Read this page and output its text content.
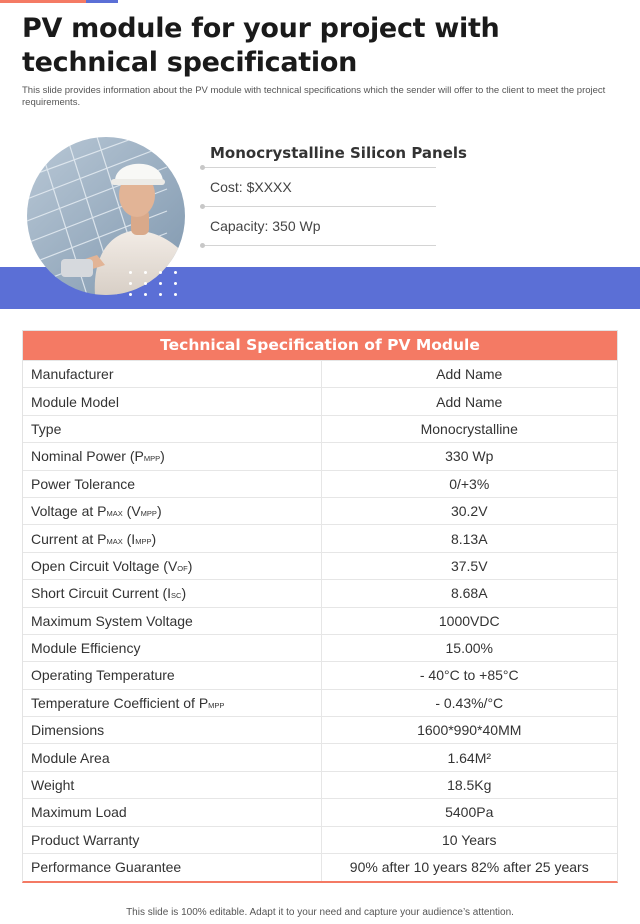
PV module for your project with technical specification

This slide provides information about the PV module with technical specifications which the sender will offer to the client to meet the project requirements.

Monocrystalline Silicon Panels
Cost: $XXXX
Capacity: 350 Wp
Technical Specification of PV Module
Manufacturer	Add Name
Module Model	Add Name
Type	Monocrystalline
Nominal Power (PMPP)	330 Wp
Power Tolerance	0/+3%
Voltage at PMAX (VMPP)	30.2V
Current at PMAX (IMPP)	8.13A
Open Circuit Voltage (VOF)	37.5V
Short Circuit Current (ISC)	8.68A
Maximum System Voltage	1000VDC
Module Efficiency	15.00%
Operating Temperature	- 40°C to +85°C
Temperature Coefficient of PMPP	- 0.43%/°C
Dimensions	1600*990*40MM
Module Area	1.64M²
Weight	18.5Kg
Maximum Load	5400Pa
Product Warranty	10 Years
Performance Guarantee	90% after 10 years 82% after 25 years
This slide is 100% editable. Adapt it to your need and capture your audience’s attention.
